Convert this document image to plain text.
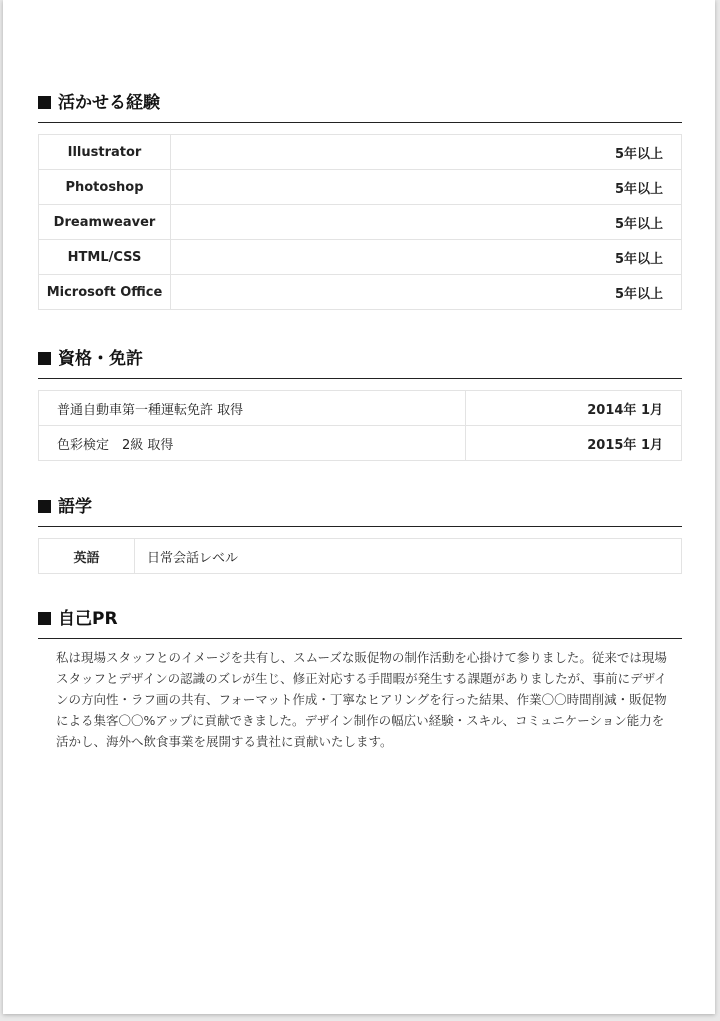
活かせる経験
Illustrator	5年以上
Photoshop	5年以上
Dreamweaver	5年以上
HTML/CSS	5年以上
Microsoft Office	5年以上
資格・免許
普通自動車第一種運転免許 取得	2014年 1月
色彩検定　2級 取得	2015年 1月
語学
英語	日常会話レベル
自己PR
私は現場スタッフとのイメージを共有し、スムーズな販促物の制作活動を心掛けて参りました。従来では現場スタッフとデザインの認識のズレが生じ、修正対応する手間暇が発生する課題がありましたが、事前にデザインの方向性・ラフ画の共有、フォーマット作成・丁寧なヒアリングを行った結果、作業〇〇時間削減・販促物による集客〇〇%アップに貢献できました。デザイン制作の幅広い経験・スキル、コミュニケーション能力を活かし、海外へ飲食事業を展開する貴社に貢献いたします。
